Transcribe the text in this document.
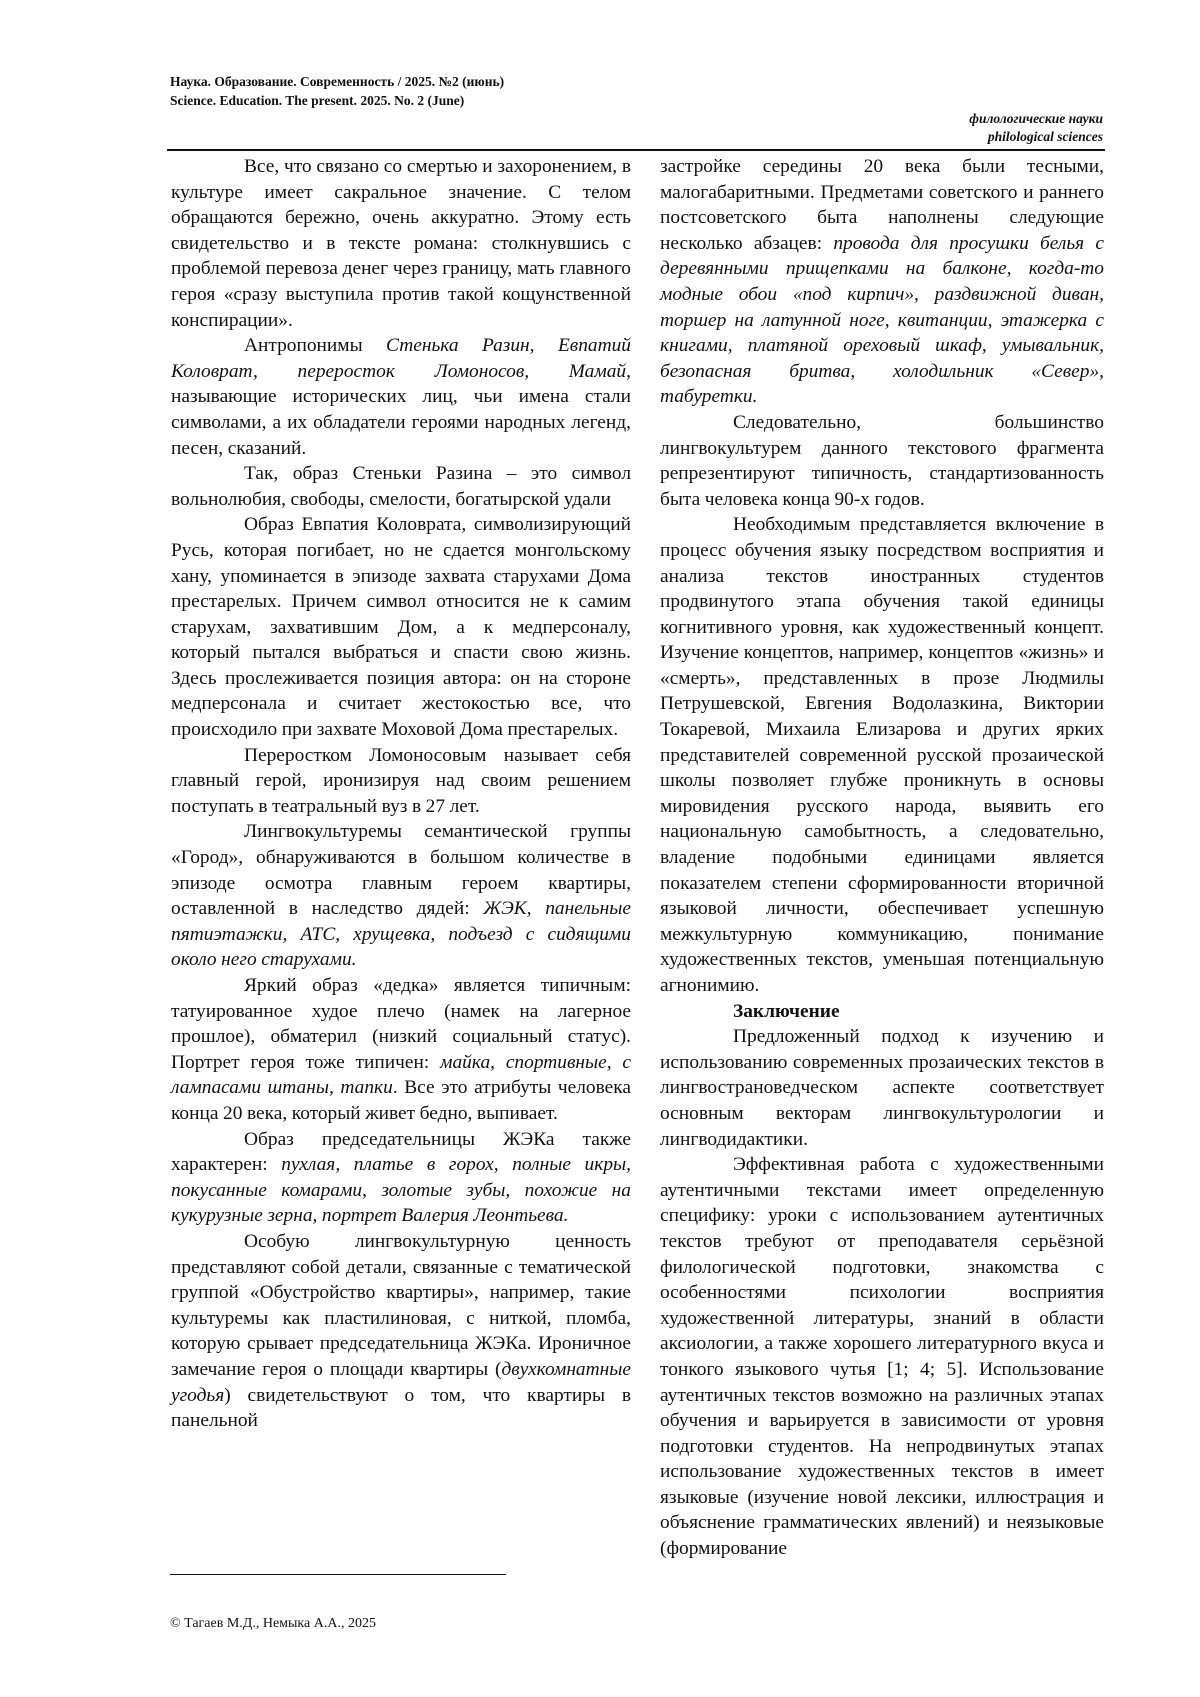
Наука. Образование. Современность / 2025. №2 (июнь)
Science. Education. The present. 2025. No. 2 (June)
филологические науки
philological sciences

Все, что связано со смертью и захоронением, в культуре имеет сакральное значение. С телом обращаются бережно, очень аккуратно. Этому есть свидетельство и в тексте романа: столкнувшись с проблемой перевоза денег через границу, мать главного героя «сразу выступила против такой кощунственной конспирации».

Антропонимы Стенька Разин, Евпатий Коловрат, переросток Ломоносов, Мамай, называющие исторических лиц, чьи имена стали символами, а их обладатели героями народных легенд, песен, сказаний.

Так, образ Стеньки Разина – это символ вольнолюбия, свободы, смелости, богатырской удали

Образ Евпатия Коловрата, символизирующий Русь, которая погибает, но не сдается монгольскому хану, упоминается в эпизоде захвата старухами Дома престарелых. Причем символ относится не к самим старухам, захватившим Дом, а к медперсоналу, который пытался выбраться и спасти свою жизнь. Здесь прослеживается позиция автора: он на стороне медперсонала и считает жестокостью все, что происходило при захвате Моховой Дома престарелых.

Переростком Ломоносовым называет себя главный герой, иронизируя над своим решением поступать в театральный вуз в 27 лет.

Лингвокультуремы семантической группы «Город», обнаруживаются в большом количестве в эпизоде осмотра главным героем квартиры, оставленной в наследство дядей: ЖЭК, панельные пятиэтажки, АТС, хрущевка, подъезд с сидящими около него старухами.

Яркий образ «дедка» является типичным: татуированное худое плечо (намек на лагерное прошлое), обматерил (низкий социальный статус). Портрет героя тоже типичен: майка, спортивные, с лампасами штаны, тапки. Все это атрибуты человека конца 20 века, который живет бедно, выпивает.

Образ председательницы ЖЭКа также характерен: пухлая, платье в горох, полные икры, покусанные комарами, золотые зубы, похожие на кукурузные зерна, портрет Валерия Леонтьева.

Особую лингвокультурную ценность представляют собой детали, связанные с тематической группой «Обустройство квартиры», например, такие культуремы как пластилиновая, с ниткой, пломба, которую срывает председательница ЖЭКа. Ироничное замечание героя о площади квартиры (двухкомнатные угодья) свидетельствуют о том, что квартиры в панельной

застройке середины 20 века были тесными, малогабаритными. Предметами советского и раннего постсоветского быта наполнены следующие несколько абзацев: провода для просушки белья с деревянными прищепками на балконе, когда-то модные обои «под кирпич», раздвижной диван, торшер на латунной ноге, квитанции, этажерка с книгами, платяной ореховый шкаф, умывальник, безопасная бритва, холодильник «Север», табуретки.

Следовательно, большинство лингвокультурем данного текстового фрагмента репрезентируют типичность, стандартизованность быта человека конца 90-х годов.

Необходимым представляется включение в процесс обучения языку посредством восприятия и анализа текстов иностранных студентов продвинутого этапа обучения такой единицы когнитивного уровня, как художественный концепт. Изучение концептов, например, концептов «жизнь» и «смерть», представленных в прозе Людмилы Петрушевской, Евгения Водолазкина, Виктории Токаревой, Михаила Елизарова и других ярких представителей современной русской прозаической школы позволяет глубже проникнуть в основы мировидения русского народа, выявить его национальную самобытность, а следовательно, владение подобными единицами является показателем степени сформированности вторичной языковой личности, обеспечивает успешную межкультурную коммуникацию, понимание художественных текстов, уменьшая потенциальную агнонимию.

Заключение

Предложенный подход к изучению и использованию современных прозаических текстов в лингвострановедческом аспекте соответствует основным векторам лингвокультурологии и лингводидактики.

Эффективная работа с художественными аутентичными текстами имеет определенную специфику: уроки с использованием аутентичных текстов требуют от преподавателя серьёзной филологической подготовки, знакомства с особенностями психологии восприятия художественной литературы, знаний в области аксиологии, а также хорошего литературного вкуса и тонкого языкового чутья [1; 4; 5]. Использование аутентичных текстов возможно на различных этапах обучения и варьируется в зависимости от уровня подготовки студентов. На непродвинутых этапах использование художественных текстов в имеет языковые (изучение новой лексики, иллюстрация и объяснение грамматических явлений) и неязыковые (формирование

© Тагаев М.Д., Немыка А.А., 2025
